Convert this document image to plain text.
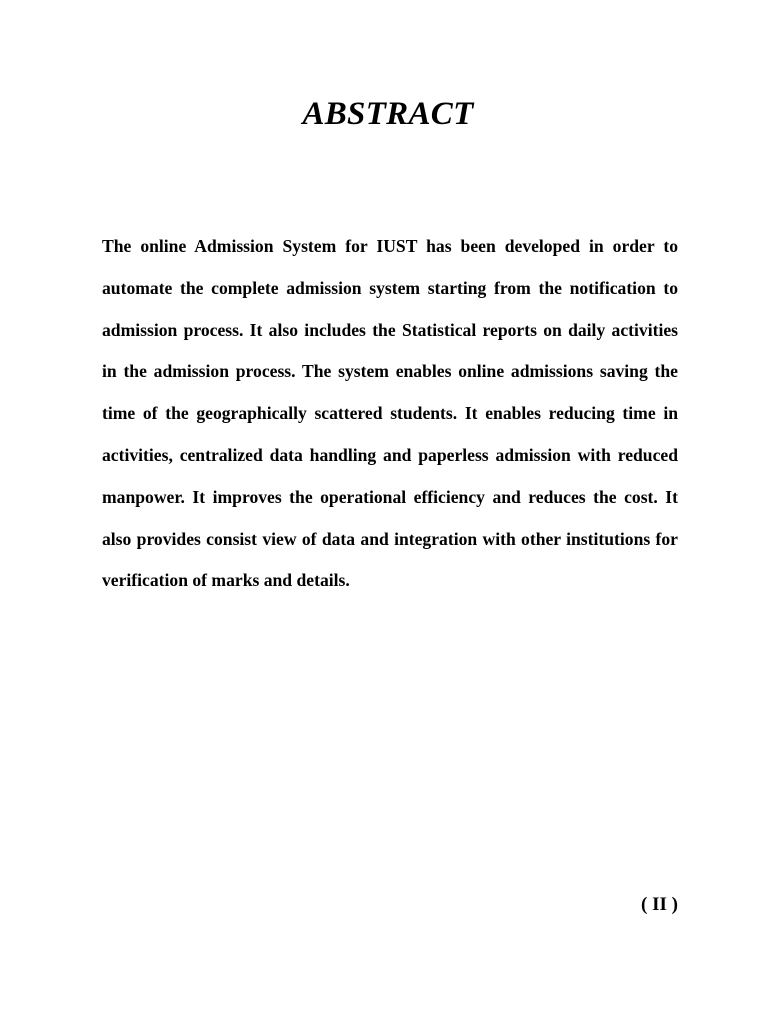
ABSTRACT
The online Admission System for IUST has been developed in order to
automate the complete admission system starting from the notification to
admission process. It also includes the Statistical reports on daily activities
in the admission process. The system enables online admissions saving the
time of the geographically scattered students. It enables reducing time in
activities, centralized data handling and paperless admission with reduced
manpower. It improves the operational efficiency and reduces the cost. It
also provides consist view of data and integration with other institutions for
verification of marks and details.
( II )
